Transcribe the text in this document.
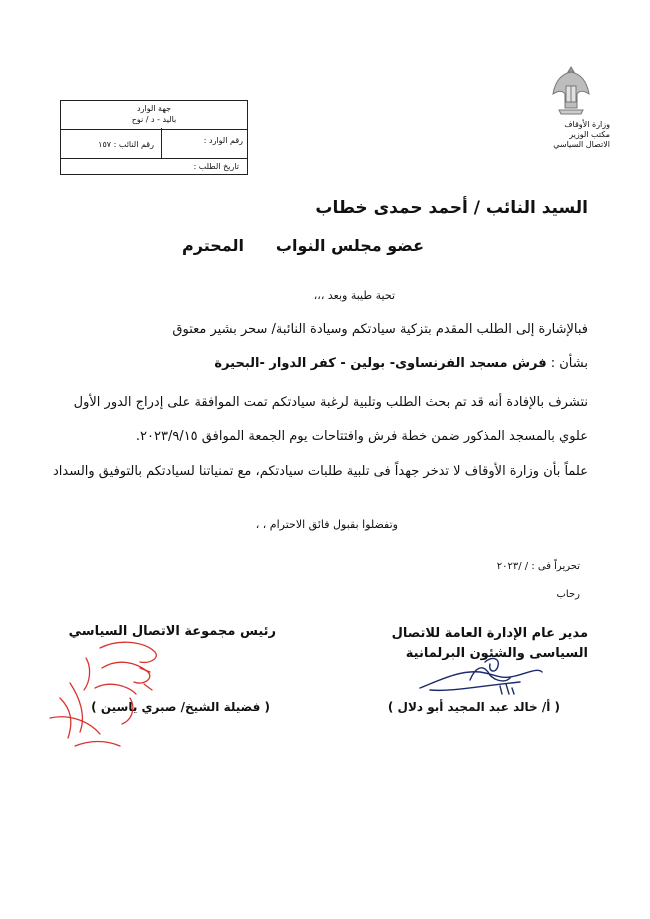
وزارة الأوقاف
مكتب الوزير
الاتصال السياسي
جهة الوارد
باليد - د / نوح
رقم الوارد :
رقم النائب : ١٥٧
تاريخ الطلب :
السيد النائب / أحمد حمدى خطاب
عضو مجلس النواب
المحترم
تحية طيبة وبعد ،،،
فبالإشارة إلى الطلب المقدم بتزكية سيادتكم وسيادة النائبة/ سحر بشير معتوق
بشأن : فرش مسجد الفرنساوى- بولين - كفر الدوار -البحيرة
نتشرف بالإفادة أنه قد تم بحث الطلب وتلبية لرغبة سيادتكم تمت الموافقة على إدراج الدور الأول
علوي بالمسجد المذكور ضمن خطة فرش وافتتاحات يوم الجمعة الموافق ٢٠٢٣/٩/١٥.
علماً بأن وزارة الأوقاف لا تدخر جهداً فى تلبية طلبات سيادتكم، مع تمنياتنا لسيادتكم بالتوفيق والسداد
وتفضلوا بقبول فائق الاحترام ، ،
تحريراً فى : / /٢٠٢٣
رحاب
مدير عام الإدارة العامة للاتصال
السياسى والشئون البرلمانية
رئيس مجموعة الاتصال السياسي
( أ/ خالد عبد المجيد أبو دلال )
( فضيلة الشيخ/ صبري ياسين )
